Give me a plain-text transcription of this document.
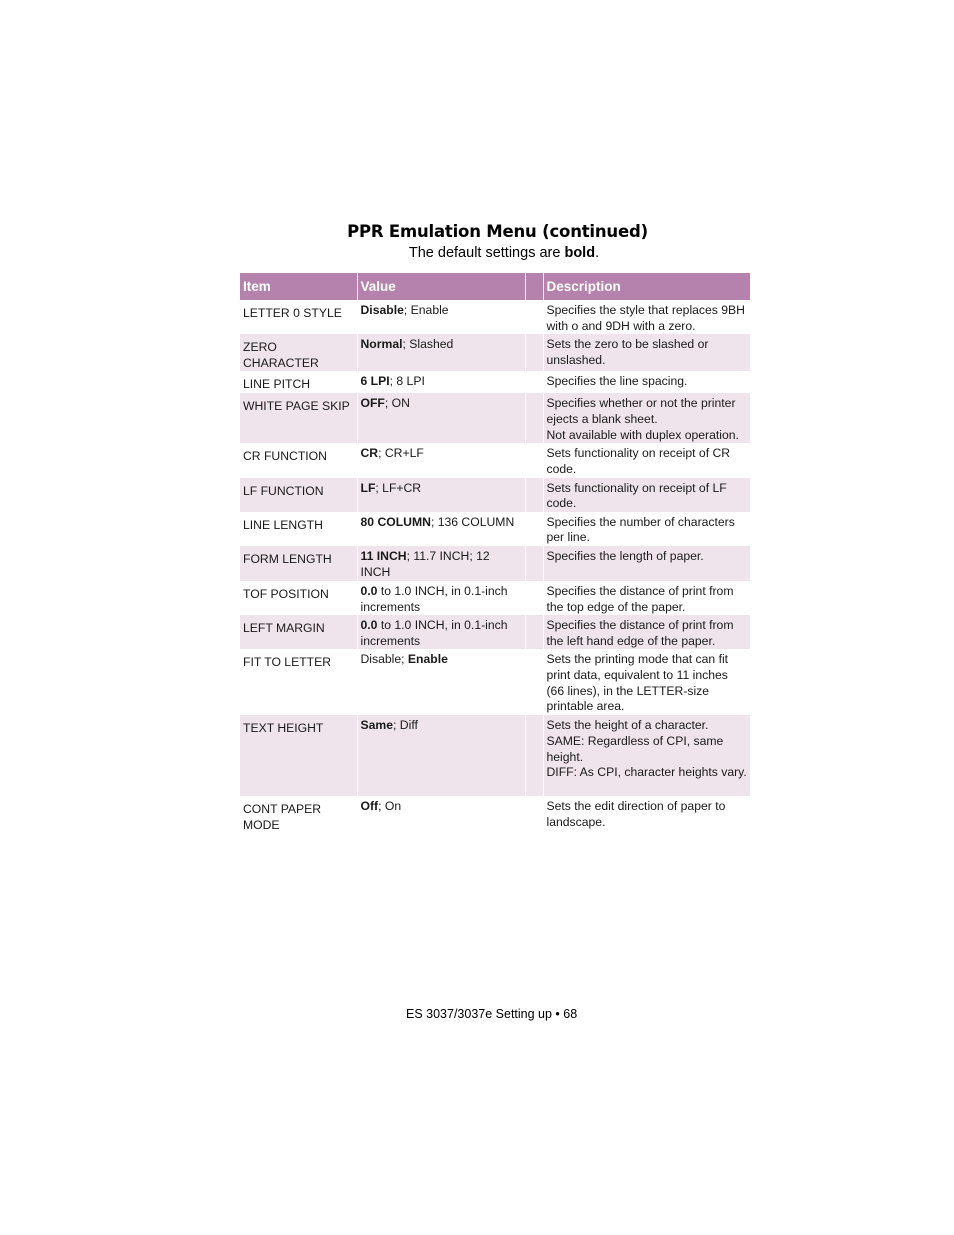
PPR Emulation Menu (continued)
The default settings are bold.
Item	Value		Description
LETTER 0 STYLE	Disable; Enable		Specifies the style that replaces 9BH with o and 9DH with a zero.

ZERO CHARACTER	Normal; Slashed		Sets the zero to be slashed or unslashed.

LINE PITCH	6 LPI; 8 LPI		Specifies the line spacing.

WHITE PAGE SKIP	OFF; ON		Specifies whether or not the printer ejects a blank sheet.
Not available with duplex operation.

CR FUNCTION	CR; CR+LF		Sets functionality on receipt of CR code.

LF FUNCTION	LF; LF+CR		Sets functionality on receipt of LF code.

LINE LENGTH	80 COLUMN; 136 COLUMN		Specifies the number of characters per line.

FORM LENGTH	11 INCH; 11.7 INCH; 12 INCH		Specifies the length of paper.

TOF POSITION	0.0 to 1.0 INCH, in 0.1-inch increments		Specifies the distance of print from the top edge of the paper.

LEFT MARGIN	0.0 to 1.0 INCH, in 0.1-inch increments		Specifies the distance of print from the left hand edge of the paper.

FIT TO LETTER	Disable; Enable		Sets the printing mode that can fit print data, equivalent to 11 inches (66 lines), in the LETTER-size printable area.

TEXT HEIGHT	Same; Diff		Sets the height of a character.
SAME: Regardless of CPI, same height.
DIFF: As CPI, character heights vary.

CONT PAPER MODE	Off; On		Sets the edit direction of paper to landscape.
ES 3037/3037e Setting up • 68
